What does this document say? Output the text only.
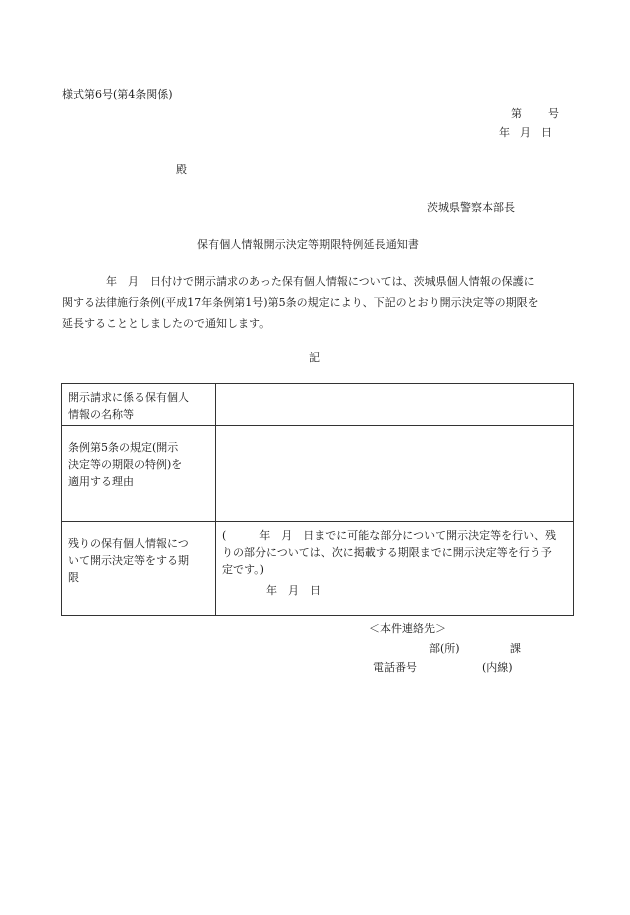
様式第6号(第4条関係)
第 号
年 月 日
殿
茨城県警察本部長
保有個人情報開示決定等期限特例延長通知書
年　月　日付けで開示請求のあった保有個人情報については、茨城県個人情報の保護に
関する法律施行条例(平成17年条例第1号)第5条の規定により、下記のとおり開示決定等の期限を
延長することとしましたので通知します。
記
開示請求に係る保有個人
情報の名称等	

条例第5条の規定(開示
決定等の期限の特例)を
適用する理由	

残りの保有個人情報につ
いて開示決定等をする期
限	(　　　年　月　日までに可能な部分について開示決定等を行い、残
りの部分については、次に掲載する期限までに開示決定等を行う予
定です。)
年　月　日
＜本件連絡先＞
部(所)	課
電話番号	(内線)
